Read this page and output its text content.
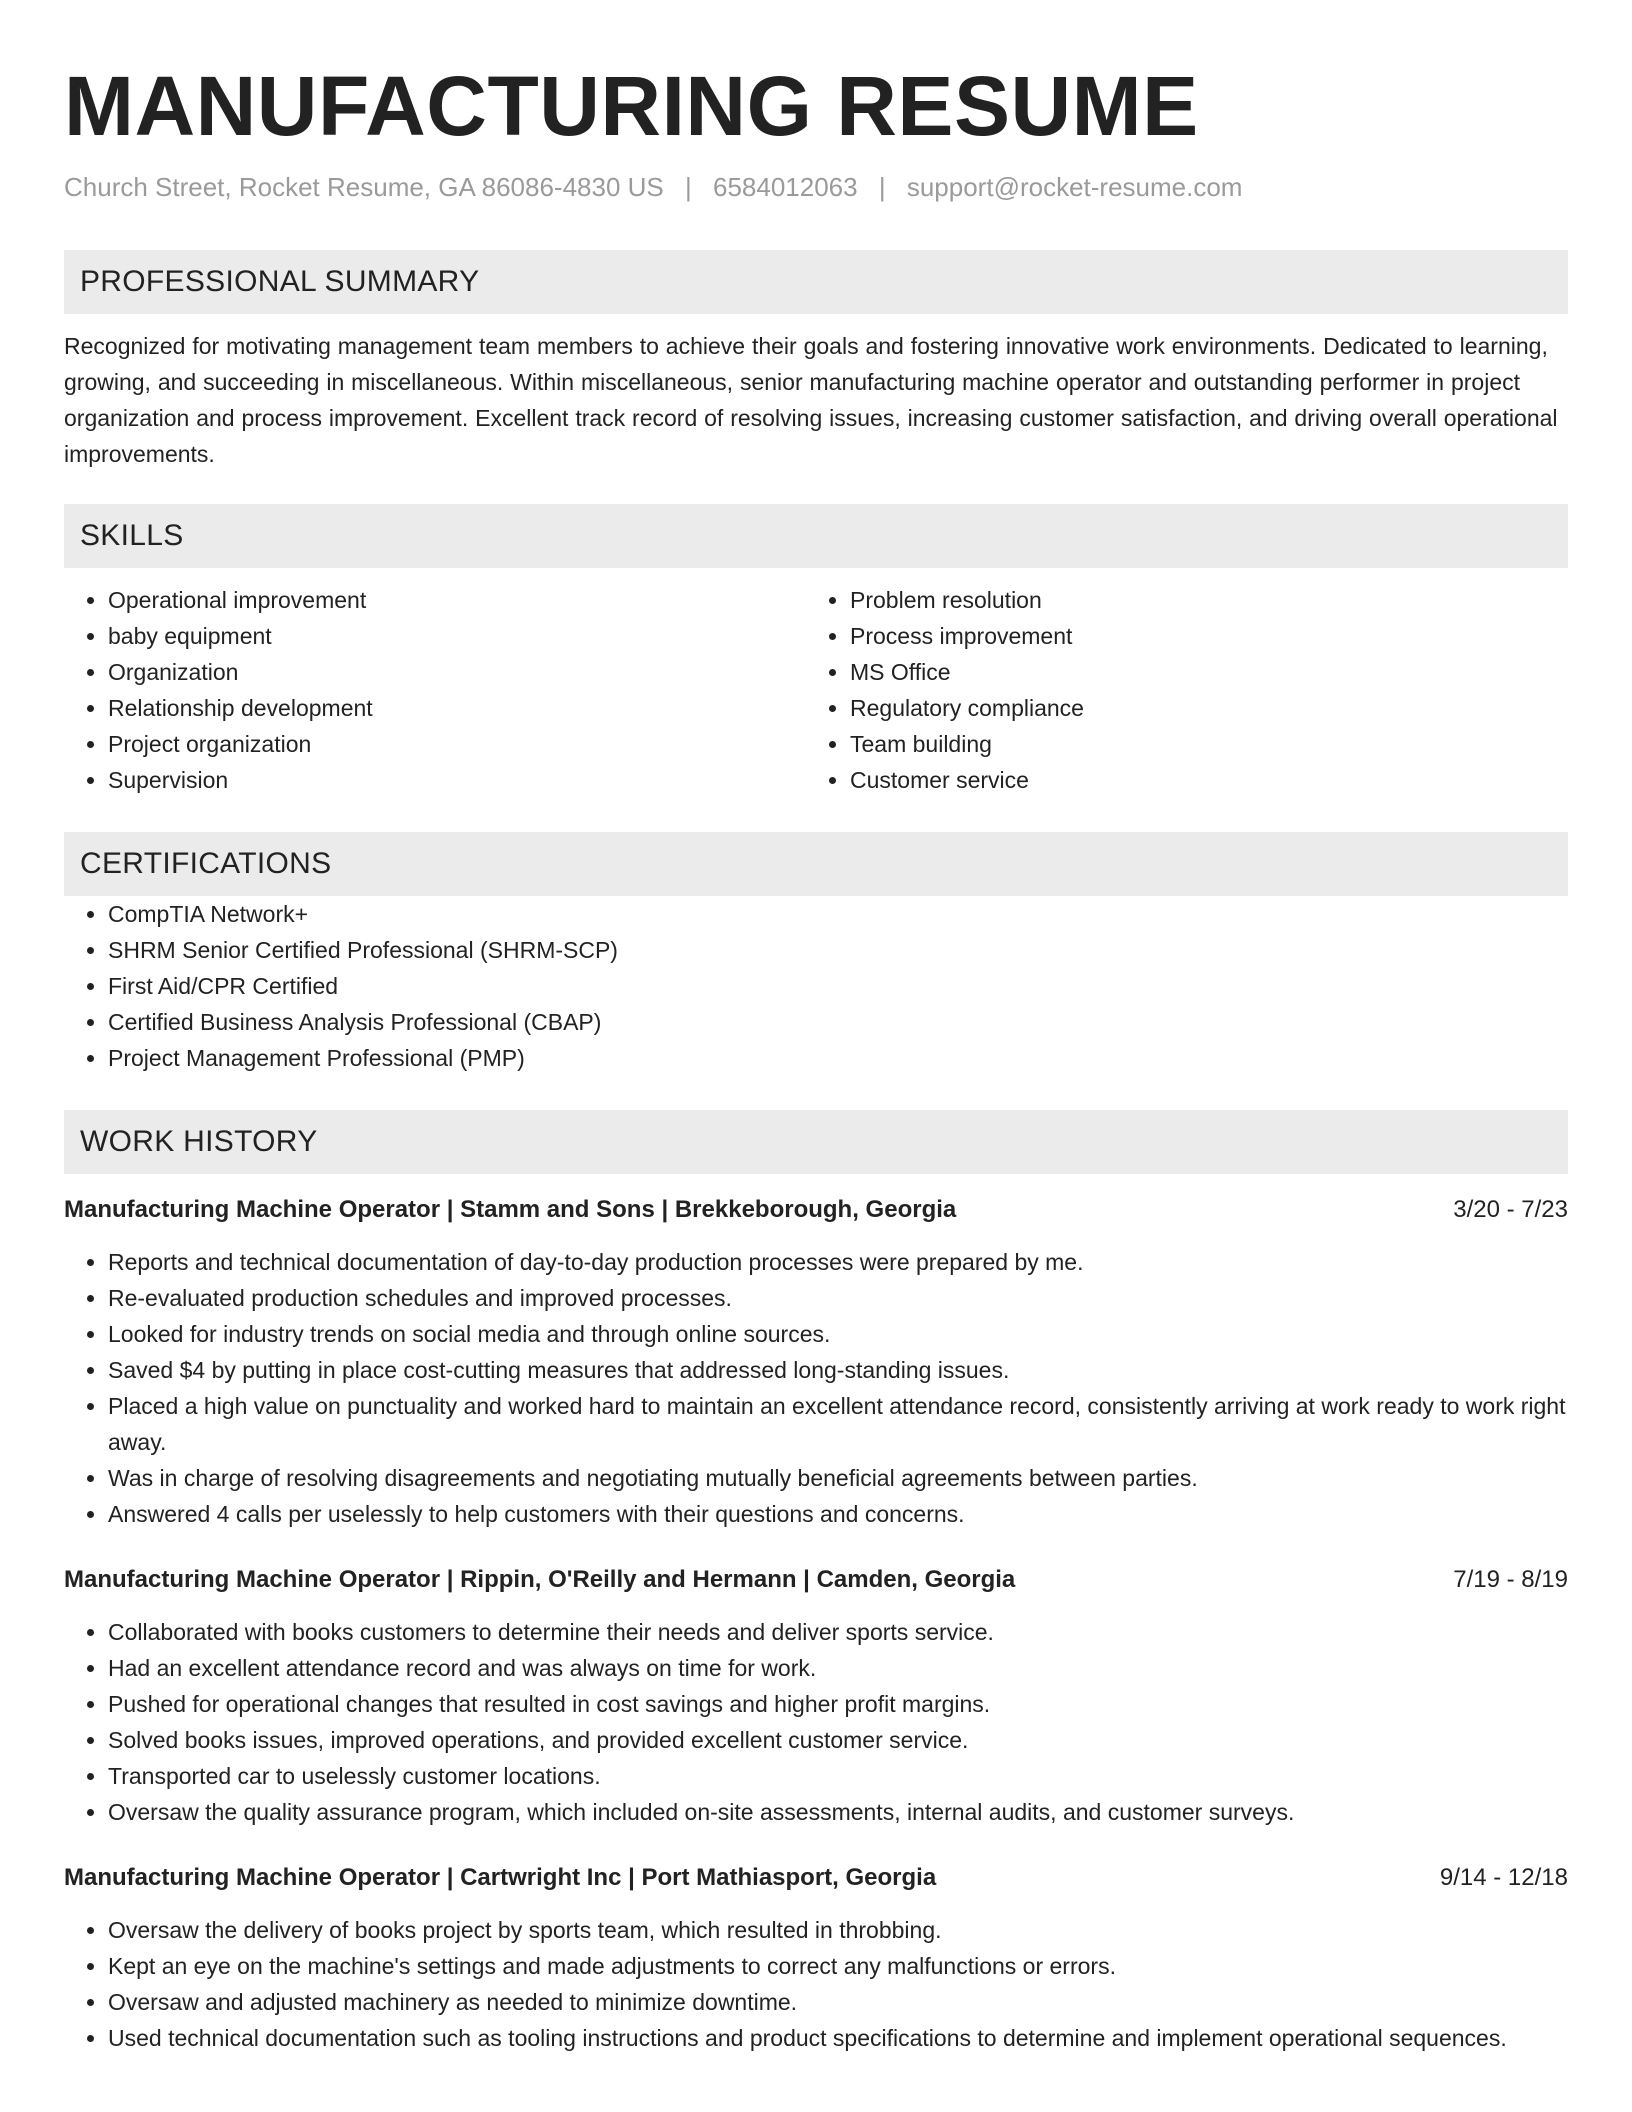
MANUFACTURING RESUME
Church Street, Rocket Resume, GA 86086-4830 US | 6584012063 | support@rocket-resume.com
PROFESSIONAL SUMMARY

Recognized for motivating management team members to achieve their goals and fostering innovative work environments. Dedicated to learning, growing, and succeeding in miscellaneous. Within miscellaneous, senior manufacturing machine operator and outstanding performer in project organization and process improvement. Excellent track record of resolving issues, increasing customer satisfaction, and driving overall operational improvements.

SKILLS
• Operational improvement
• baby equipment
• Organization
• Relationship development
• Project organization
• Supervision
• Problem resolution
• Process improvement
• MS Office
• Regulatory compliance
• Team building
• Customer service
CERTIFICATIONS
• CompTIA Network+
• SHRM Senior Certified Professional (SHRM-SCP)
• First Aid/CPR Certified
• Certified Business Analysis Professional (CBAP)
• Project Management Professional (PMP)
WORK HISTORY
Manufacturing Machine Operator | Stamm and Sons | Brekkeborough, Georgia	3/20 - 7/23
• Reports and technical documentation of day-to-day production processes were prepared by me.
• Re-evaluated production schedules and improved processes.
• Looked for industry trends on social media and through online sources.
• Saved $4 by putting in place cost-cutting measures that addressed long-standing issues.
• Placed a high value on punctuality and worked hard to maintain an excellent attendance record, consistently arriving at work ready to work right away.
• Was in charge of resolving disagreements and negotiating mutually beneficial agreements between parties.
• Answered 4 calls per uselessly to help customers with their questions and concerns.
Manufacturing Machine Operator | Rippin, O'Reilly and Hermann | Camden, Georgia	7/19 - 8/19
• Collaborated with books customers to determine their needs and deliver sports service.
• Had an excellent attendance record and was always on time for work.
• Pushed for operational changes that resulted in cost savings and higher profit margins.
• Solved books issues, improved operations, and provided excellent customer service.
• Transported car to uselessly customer locations.
• Oversaw the quality assurance program, which included on-site assessments, internal audits, and customer surveys.
Manufacturing Machine Operator | Cartwright Inc | Port Mathiasport, Georgia	9/14 - 12/18
• Oversaw the delivery of books project by sports team, which resulted in throbbing.
• Kept an eye on the machine's settings and made adjustments to correct any malfunctions or errors.
• Oversaw and adjusted machinery as needed to minimize downtime.
• Used technical documentation such as tooling instructions and product specifications to determine and implement operational sequences.
